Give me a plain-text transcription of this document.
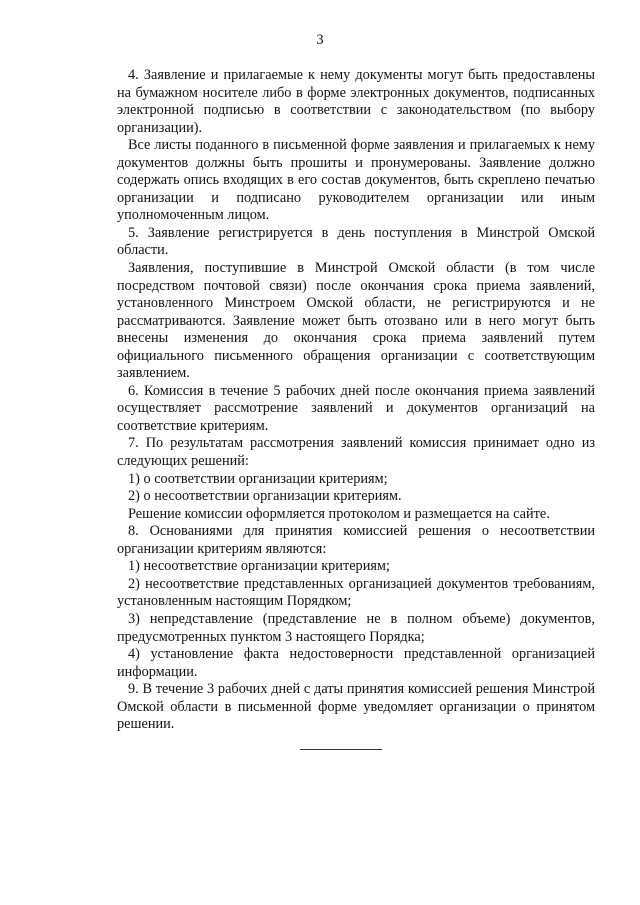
3

4. Заявление и прилагаемые к нему документы могут быть предоставлены на бумажном носителе либо в форме электронных документов, подписанных электронной подписью в соответствии с законодательством (по выбору организации).

Все листы поданного в письменной форме заявления и прилагаемых к нему документов должны быть прошиты и пронумерованы. Заявление должно содержать опись входящих в его состав документов, быть скреплено печатью организации и подписано руководителем организации или иным уполномоченным лицом.

5. Заявление регистрируется в день поступления в Минстрой Омской области.

Заявления, поступившие в Минстрой Омской области (в том числе посредством почтовой связи) после окончания срока приема заявлений, установленного Минстроем Омской области, не регистрируются и не рассматриваются. Заявление может быть отозвано или в него могут быть внесены изменения до окончания срока приема заявлений путем официального письменного обращения организации с соответствующим заявлением.

6. Комиссия в течение 5 рабочих дней после окончания приема заявлений осуществляет рассмотрение заявлений и документов организаций на соответствие критериям.

7. По результатам рассмотрения заявлений комиссия принимает одно из следующих решений:

1) о соответствии организации критериям;

2) о несоответствии организации критериям.

Решение комиссии оформляется протоколом и размещается на сайте.

8. Основаниями для принятия комиссией решения о несоответствии организации критериям являются:

1) несоответствие организации критериям;

2) несоответствие представленных организацией документов требованиям, установленным настоящим Порядком;

3) непредставление (представление не в полном объеме) документов, предусмотренных пунктом 3 настоящего Порядка;

4) установление факта недостоверности представленной организацией информации.

9. В течение 3 рабочих дней с даты принятия комиссией решения Минстрой Омской области в письменной форме уведомляет организации о принятом решении.
